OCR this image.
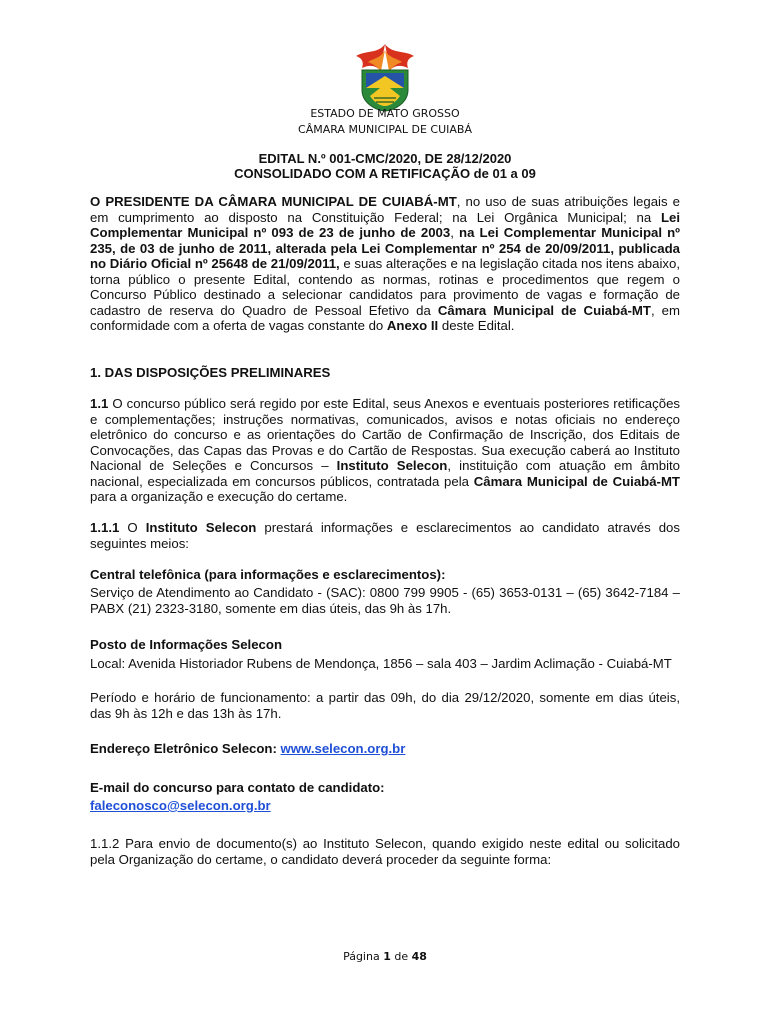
ESTADO DE MATO GROSSO
CÂMARA MUNICIPAL DE CUIABÁ
EDITAL N.º 001-CMC/2020, DE 28/12/2020
CONSOLIDADO COM A RETIFICAÇÃO de 01 a 09
O PRESIDENTE DA CÂMARA MUNICIPAL DE CUIABÁ-MT, no uso de suas atribuições legais e em cumprimento ao disposto na Constituição Federal; na Lei Orgânica Municipal; na Lei Complementar Municipal nº 093 de 23 de junho de 2003, na Lei Complementar Municipal nº 235, de 03 de junho de 2011, alterada pela Lei Complementar nº 254 de 20/09/2011, publicada no Diário Oficial nº 25648 de 21/09/2011, e suas alterações e na legislação citada nos itens abaixo, torna público o presente Edital, contendo as normas, rotinas e procedimentos que regem o Concurso Público destinado a selecionar candidatos para provimento de vagas e formação de cadastro de reserva do Quadro de Pessoal Efetivo da Câmara Municipal de Cuiabá-MT, em conformidade com a oferta de vagas constante do Anexo II deste Edital.
1. DAS DISPOSIÇÕES PRELIMINARES
1.1 O concurso público será regido por este Edital, seus Anexos e eventuais posteriores retificações e complementações; instruções normativas, comunicados, avisos e notas oficiais no endereço eletrônico do concurso e as orientações do Cartão de Confirmação de Inscrição, dos Editais de Convocações, das Capas das Provas e do Cartão de Respostas. Sua execução caberá ao Instituto Nacional de Seleções e Concursos – Instituto Selecon, instituição com atuação em âmbito nacional, especializada em concursos públicos, contratada pela Câmara Municipal de Cuiabá-MT para a organização e execução do certame.
1.1.1 O Instituto Selecon prestará informações e esclarecimentos ao candidato através dos seguintes meios:
Central telefônica (para informações e esclarecimentos):
Serviço de Atendimento ao Candidato - (SAC): 0800 799 9905 - (65) 3653-0131 – (65) 3642-7184 – PABX (21) 2323-3180, somente em dias úteis, das 9h às 17h.
Posto de Informações Selecon
Local: Avenida Historiador Rubens de Mendonça, 1856 – sala 403 – Jardim Aclimação - Cuiabá-MT
Período e horário de funcionamento: a partir das 09h, do dia 29/12/2020, somente em dias úteis, das 9h às 12h e das 13h às 17h.
Endereço Eletrônico Selecon: www.selecon.org.br
E-mail do concurso para contato de candidato:
faleconosco@selecon.org.br
1.1.2 Para envio de documento(s) ao Instituto Selecon, quando exigido neste edital ou solicitado pela Organização do certame, o candidato deverá proceder da seguinte forma:
Página 1 de 48
